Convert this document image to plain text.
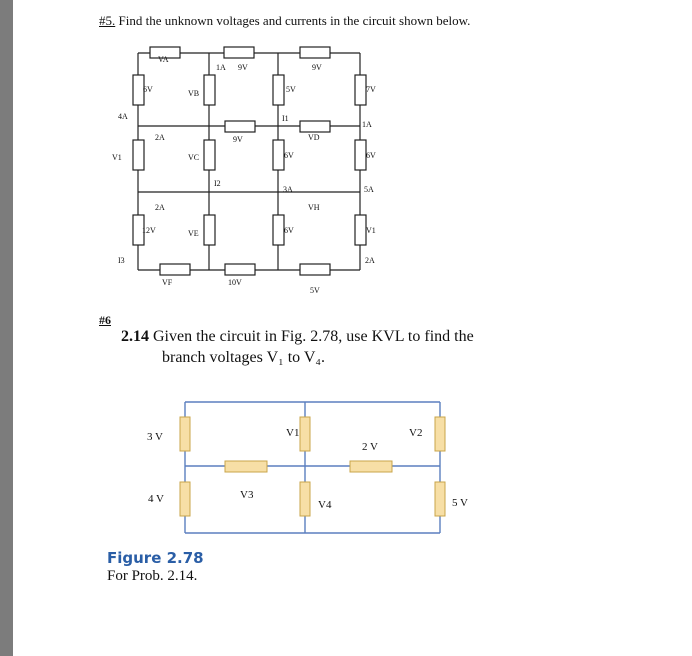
#5. Find the unknown voltages and currents in the circuit shown below.
VA
1A 9V	9V
6V	VB	5V	7V
4A	I1
1A
2A	9V	VD
V1	VC	6V	6V
I2
3A	5A
2A	VH
12V	VE	6V	V1
I3	2A
VF	10V
5V
#6
2.14 Given the circuit in Fig. 2.78, use KVL to find the
branch voltages V₁ to V₄.
3 V	V1	V2
2 V
4 V	V3
V4	5 V
Figure 2.78
For Prob. 2.14.
